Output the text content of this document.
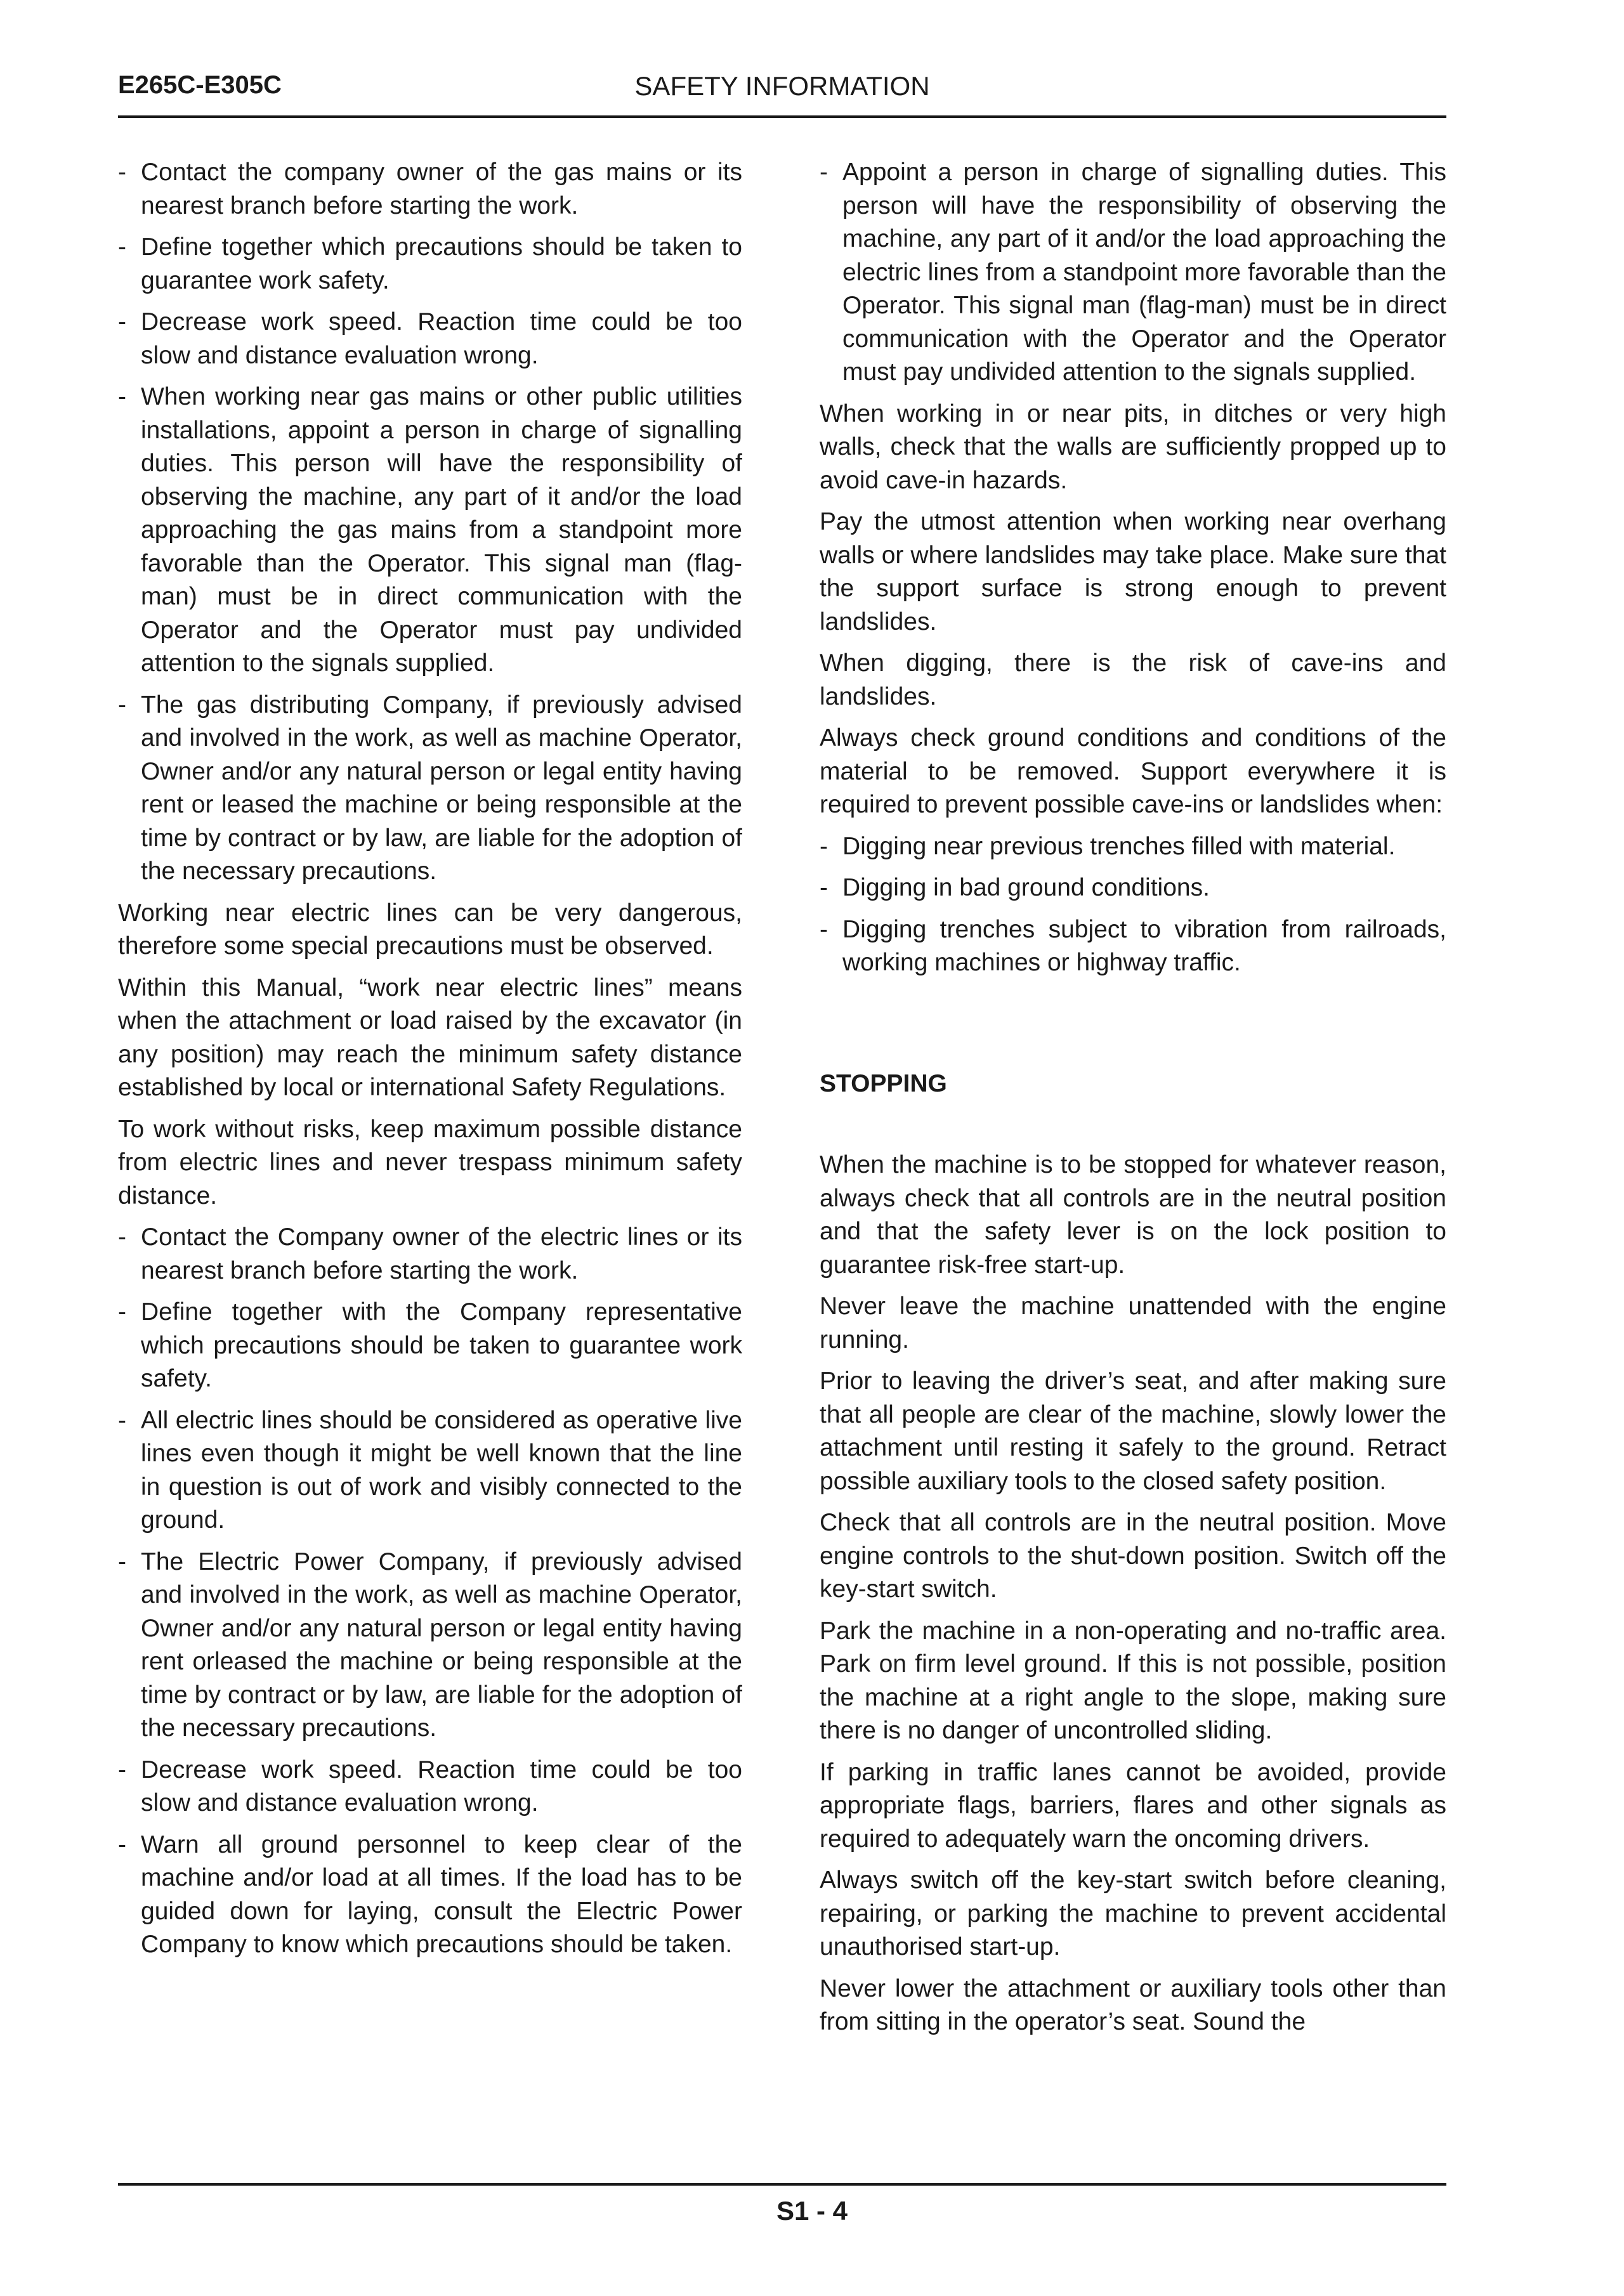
E265C-E305C	SAFETY INFORMATION
- Contact the company owner of the gas mains or its nearest branch before starting the work.
- Define together which precautions should be taken to guarantee work safety.
- Decrease work speed. Reaction time could be too slow and distance evaluation wrong.
- When working near gas mains or other public utilities installations, appoint a person in charge of signalling duties. This person will have the responsibility of observing the machine, any part of it and/or the load approaching the gas mains from a standpoint more favorable than the Operator. This signal man (flag-man) must be in direct communication with the Operator and the Operator must pay undivided attention to the signals supplied.
- The gas distributing Company, if previously advised and involved in the work, as well as machine Operator, Owner and/or any natural person or legal entity having rent or leased the machine or being responsible at the time by contract or by law, are liable for the adoption of the necessary precautions.

Working near electric lines can be very dangerous, therefore some special precautions must be observed.

Within this Manual, “work near electric lines” means when the attachment or load raised by the excavator (in any position) may reach the minimum safety distance established by local or international Safety Regulations.

To work without risks, keep maximum possible distance from electric lines and never trespass minimum safety distance.

- Contact the Company owner of the electric lines or its nearest branch before starting the work.
- Define together with the Company representative which precautions should be taken to guarantee work safety.
- All electric lines should be considered as operative live lines even though it might be well known that the line in question is out of work and visibly connected to the ground.
- The Electric Power Company, if previously advised and involved in the work, as well as machine Operator, Owner and/or any natural person or legal entity having rent orleased the machine or being responsible at the time by contract or by law, are liable for the adoption of the necessary precautions.
- Decrease work speed. Reaction time could be too slow and distance evaluation wrong.
- Warn all ground personnel to keep clear of the machine and/or load at all times. If the load has to be guided down for laying, consult the Electric Power Company to know which precautions should be taken.
- Appoint a person in charge of signalling duties. This person will have the responsibility of observing the machine, any part of it and/or the load approaching the electric lines from a standpoint more favorable than the Operator. This signal man (flag-man) must be in direct communication with the Operator and the Operator must pay undivided attention to the signals supplied.

When working in or near pits, in ditches or very high walls, check that the walls are sufficiently propped up to avoid cave-in hazards.

Pay the utmost attention when working near overhang walls or where landslides may take place. Make sure that the support surface is strong enough to prevent landslides.

When digging, there is the risk of cave-ins and landslides.

Always check ground conditions and conditions of the material to be removed. Support everywhere it is required to prevent possible cave-ins or landslides when:

- Digging near previous trenches filled with material.
- Digging in bad ground conditions.
- Digging trenches subject to vibration from railroads, working machines or highway traffic.
STOPPING

When the machine is to be stopped for whatever reason, always check that all controls are in the neutral position and that the safety lever is on the lock position to guarantee risk-free start-up.

Never leave the machine unattended with the engine running.

Prior to leaving the driver’s seat, and after making sure that all people are clear of the machine, slowly lower the attachment until resting it safely to the ground. Retract possible auxiliary tools to the closed safety position.

Check that all controls are in the neutral position. Move engine controls to the shut-down position. Switch off the key-start switch.

Park the machine in a non-operating and no-traffic area. Park on firm level ground. If this is not possible, position the machine at a right angle to the slope, making sure there is no danger of uncontrolled sliding.

If parking in traffic lanes cannot be avoided, provide appropriate flags, barriers, flares and other signals as required to adequately warn the oncoming drivers.

Always switch off the key-start switch before cleaning, repairing, or parking the machine to prevent accidental unauthorised start-up.

Never lower the attachment or auxiliary tools other than from sitting in the operator’s seat. Sound the

S1 - 4
